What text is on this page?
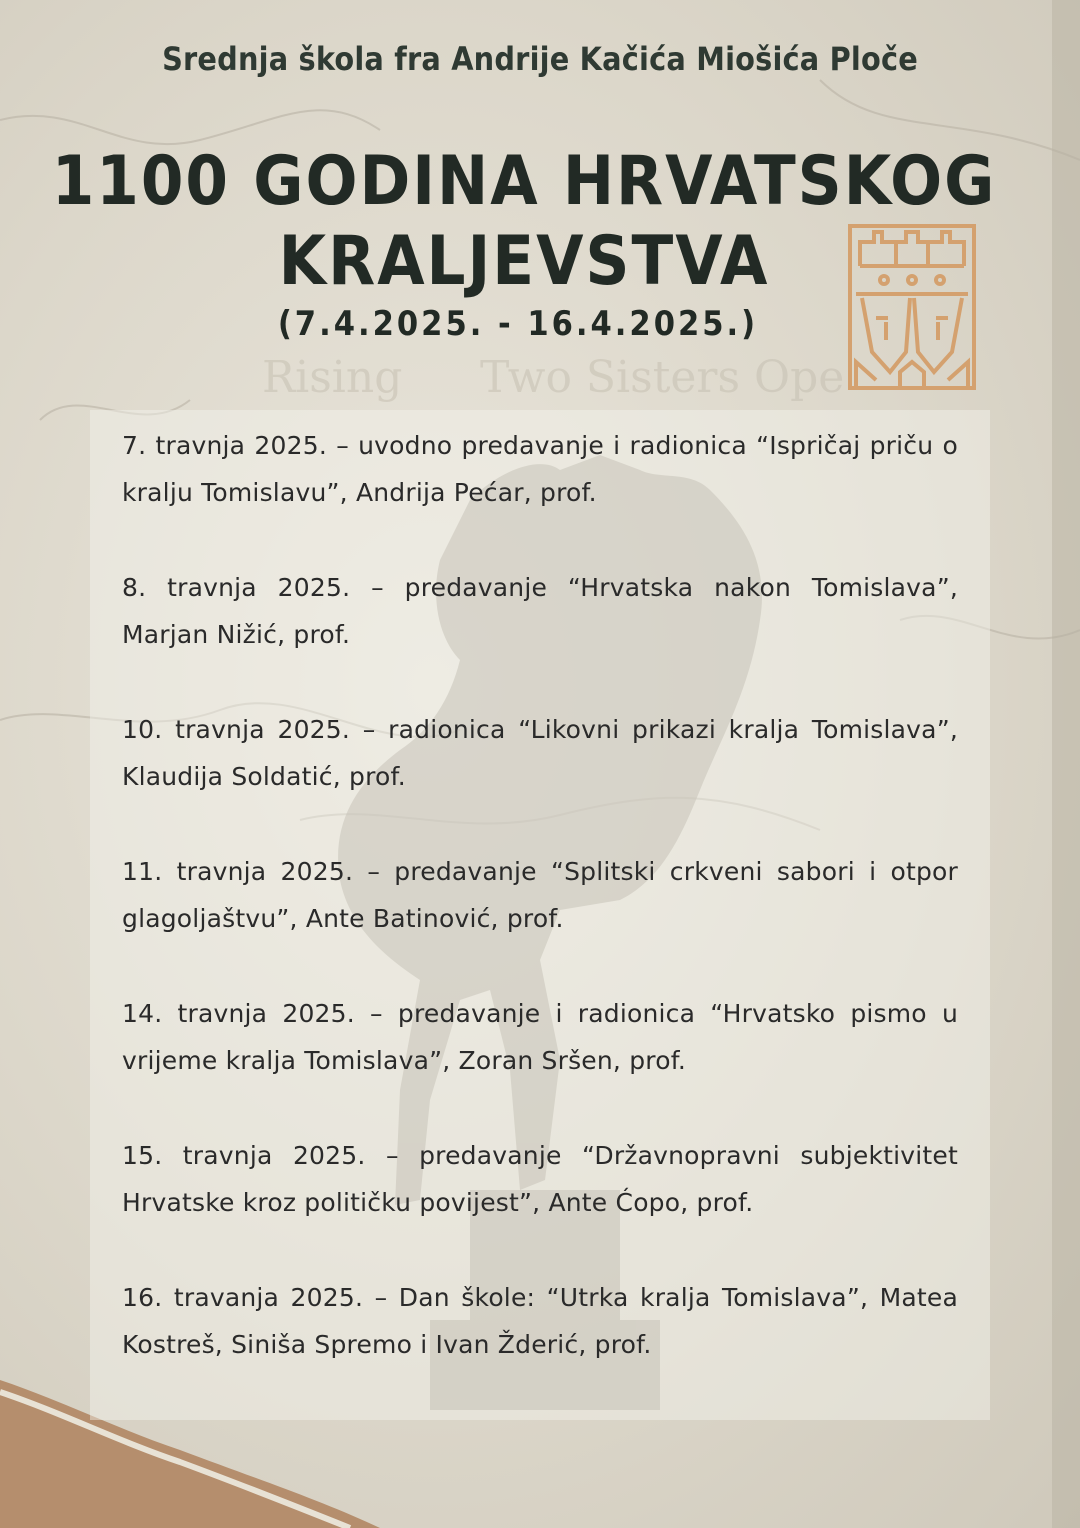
Rising Two Sisters Ope
Srednja škola fra Andrije Kačića Miošića Ploče
1100 GODINA HRVATSKOG
KRALJEVSTVA
(7.4.2025. - 16.4.2025.)
7. travnja 2025. – uvodno predavanje i radionica “Ispričaj priču o kralju Tomislavu”, Andrija Pećar, prof.
8. travnja 2025. – predavanje “Hrvatska nakon Tomislava”, Marjan Nižić, prof.
10. travnja 2025. – radionica “Likovni prikazi kralja Tomislava”, Klaudija Soldatić, prof.
11. travnja 2025. – predavanje “Splitski crkveni sabori i otpor glagoljaštvu”, Ante Batinović, prof.
14. travnja 2025. – predavanje i radionica “Hrvatsko pismo u vrijeme kralja Tomislava”, Zoran Sršen, prof.
15. travnja 2025. – predavanje “Državnopravni subjektivitet Hrvatske kroz političku povijest”, Ante Ćopo, prof.
16. travanja 2025. – Dan škole: “Utrka kralja Tomislava”, Matea Kostreš, Siniša Spremo i Ivan Žderić, prof.
